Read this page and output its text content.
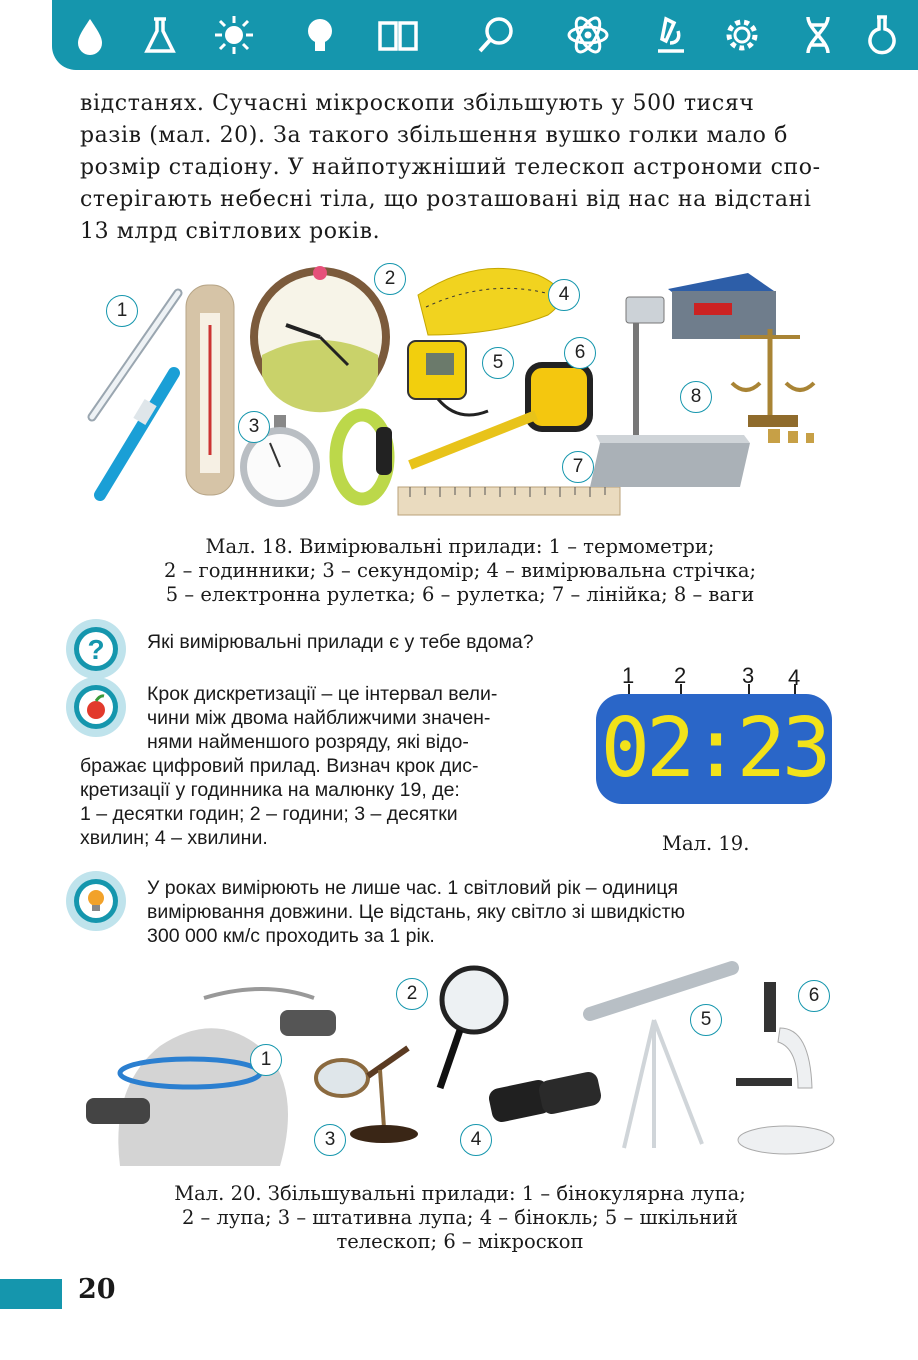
відстанях. Сучасні мікроскопи збільшують у 500 тисяч
разів (мал. 20). За такого збільшення вушко голки мало б
розмір стадіону. У найпотужніший телескоп астрономи спо-
стерігають небесні тіла, що розташовані від нас на відстані
13 млрд світлових років.
1
2
3
4
5	6
7
8
Мал. 18. Вимірювальні прилади: 1 – термометри;
2 – годинники; 3 – секундомір; 4 – вимірювальна стрічка;
5 – електронна рулетка; 6 – рулетка; 7 – лінійка; 8 – ваги
? Які вимірювальні прилади є у тебе вдома?
Крок дискретизації – це інтервал вели-
чини між двома найближчими значен-
нями найменшого розряду, які відо-
бражає цифровий прилад. Визнач крок дис-
кретизації у годинника на малюнку 19, де:
1 – десятки годин; 2 – години; 3 – десятки
хвилин; 4 – хвилини.
1 2	3 4
02:23
Мал. 19.
У роках вимірюють не лише час. 1 світловий рік – одиниця
вимірювання довжини. Це відстань, яку світло зі швидкістю
300 000 км/с проходить за 1 рік.
1
2
3	4
5
6
Мал. 20. Збільшувальні прилади: 1 – бінокулярна лупа;
2 – лупа; 3 – штативна лупа; 4 – бінокль; 5 – шкільний
телескоп; 6 – мікроскоп
20
